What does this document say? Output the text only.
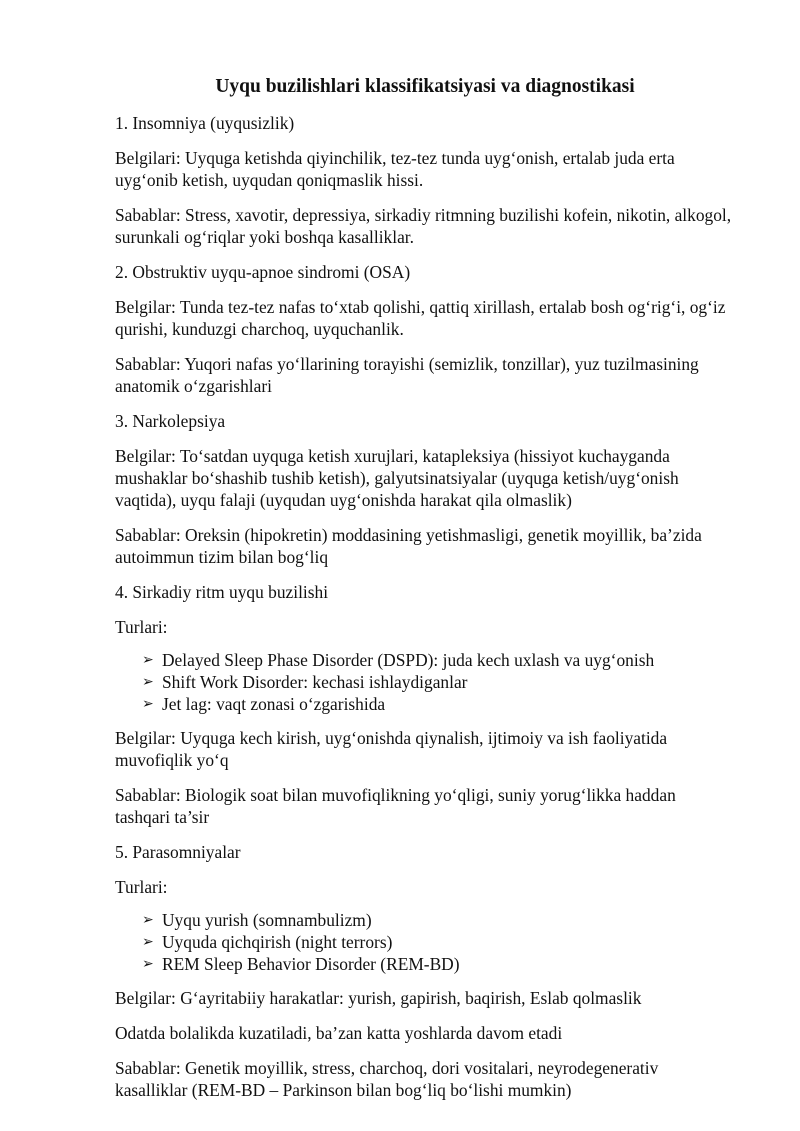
Uyqu buzilishlari klassifikatsiyasi va diagnostikasi
1. Insomniya (uyqusizlik)
Belgilari: Uyquga ketishda qiyinchilik, tez-tez tunda uyg‘onish, ertalab juda erta uyg‘onib ketish, uyqudan qoniqmaslik hissi.
Sabablar: Stress, xavotir, depressiya, sirkadiy ritmning buzilishi kofein, nikotin, alkogol, surunkali og‘riqlar yoki boshqa kasalliklar.
2. Obstruktiv uyqu-apnoe sindromi (OSA)
Belgilar: Tunda tez-tez nafas to‘xtab qolishi, qattiq xirillash, ertalab bosh og‘rig‘i, og‘iz qurishi, kunduzgi charchoq, uyquchanlik.
Sabablar: Yuqori nafas yo‘llarining torayishi (semizlik, tonzillar), yuz tuzilmasining anatomik o‘zgarishlari
3. Narkolepsiya
Belgilar: To‘satdan uyquga ketish xurujlari, katapleksiya (hissiyot kuchayganda mushaklar bo‘shashib tushib ketish), galyutsinatsiyalar (uyquga ketish/uyg‘onish vaqtida), uyqu falaji (uyqudan uyg‘onishda harakat qila olmaslik)
Sabablar: Oreksin (hipokretin) moddasining yetishmasligi, genetik moyillik, ba’zida autoimmun tizim bilan bog‘liq
4. Sirkadiy ritm uyqu buzilishi
Turlari:
➢ Delayed Sleep Phase Disorder (DSPD): juda kech uxlash va uyg‘onish
➢ Shift Work Disorder: kechasi ishlaydiganlar
➢ Jet lag: vaqt zonasi o‘zgarishida
Belgilar: Uyquga kech kirish, uyg‘onishda qiynalish, ijtimoiy va ish faoliyatida muvofiqlik yo‘q
Sabablar: Biologik soat bilan muvofiqlikning yo‘qligi, suniy yorug‘likka haddan tashqari ta’sir
5. Parasomniyalar
Turlari:
➢ Uyqu yurish (somnambulizm)
➢ Uyquda qichqirish (night terrors)
➢ REM Sleep Behavior Disorder (REM-BD)
Belgilar: G‘ayritabiiy harakatlar: yurish, gapirish, baqirish, Eslab qolmaslik
Odatda bolalikda kuzatiladi, ba’zan katta yoshlarda davom etadi
Sabablar: Genetik moyillik, stress, charchoq, dori vositalari, neyrodegenerativ kasalliklar (REM-BD – Parkinson bilan bog‘liq bo‘lishi mumkin)
